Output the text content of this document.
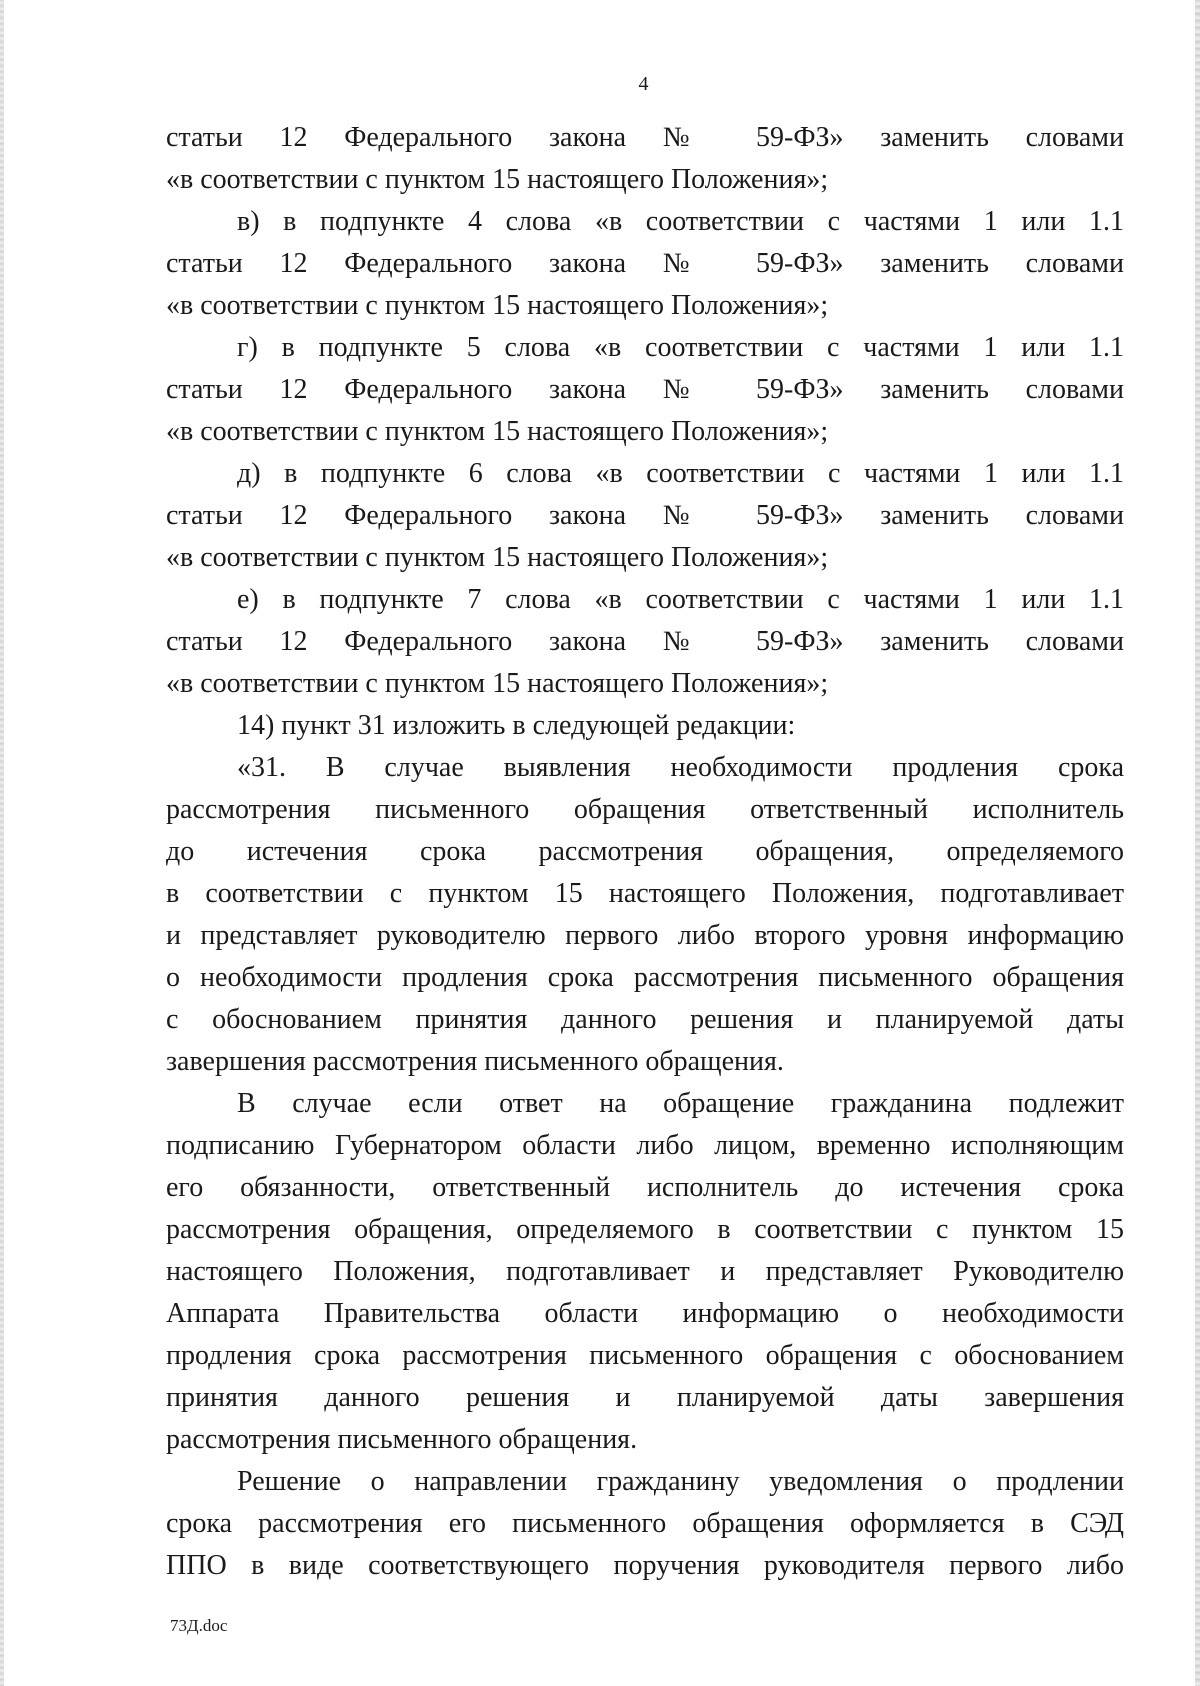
4

статьи 12 Федерального закона № 59-ФЗ» заменить словами
«в соответствии с пунктом 15 настоящего Положения»;

в) в подпункте 4 слова «в соответствии с частями 1 или 1.1
статьи 12 Федерального закона № 59-ФЗ» заменить словами
«в соответствии с пунктом 15 настоящего Положения»;

г) в подпункте 5 слова «в соответствии с частями 1 или 1.1
статьи 12 Федерального закона № 59-ФЗ» заменить словами
«в соответствии с пунктом 15 настоящего Положения»;

д) в подпункте 6 слова «в соответствии с частями 1 или 1.1
статьи 12 Федерального закона № 59-ФЗ» заменить словами
«в соответствии с пунктом 15 настоящего Положения»;

е) в подпункте 7 слова «в соответствии с частями 1 или 1.1
статьи 12 Федерального закона № 59-ФЗ» заменить словами
«в соответствии с пунктом 15 настоящего Положения»;

14) пункт 31 изложить в следующей редакции:

«31. В случае выявления необходимости продления срока
рассмотрения письменного обращения ответственный исполнитель
до истечения срока рассмотрения обращения, определяемого
в соответствии с пунктом 15 настоящего Положения, подготавливает
и представляет руководителю первого либо второго уровня информацию
о необходимости продления срока рассмотрения письменного обращения
с обоснованием принятия данного решения и планируемой даты
завершения рассмотрения письменного обращения.

В случае если ответ на обращение гражданина подлежит
подписанию Губернатором области либо лицом, временно исполняющим
его обязанности, ответственный исполнитель до истечения срока
рассмотрения обращения, определяемого в соответствии с пунктом 15
настоящего Положения, подготавливает и представляет Руководителю
Аппарата Правительства области информацию о необходимости
продления срока рассмотрения письменного обращения с обоснованием
принятия данного решения и планируемой даты завершения
рассмотрения письменного обращения.

Решение о направлении гражданину уведомления о продлении
срока рассмотрения его письменного обращения оформляется в СЭД
ППО в виде соответствующего поручения руководителя первого либо

73Д.doc
